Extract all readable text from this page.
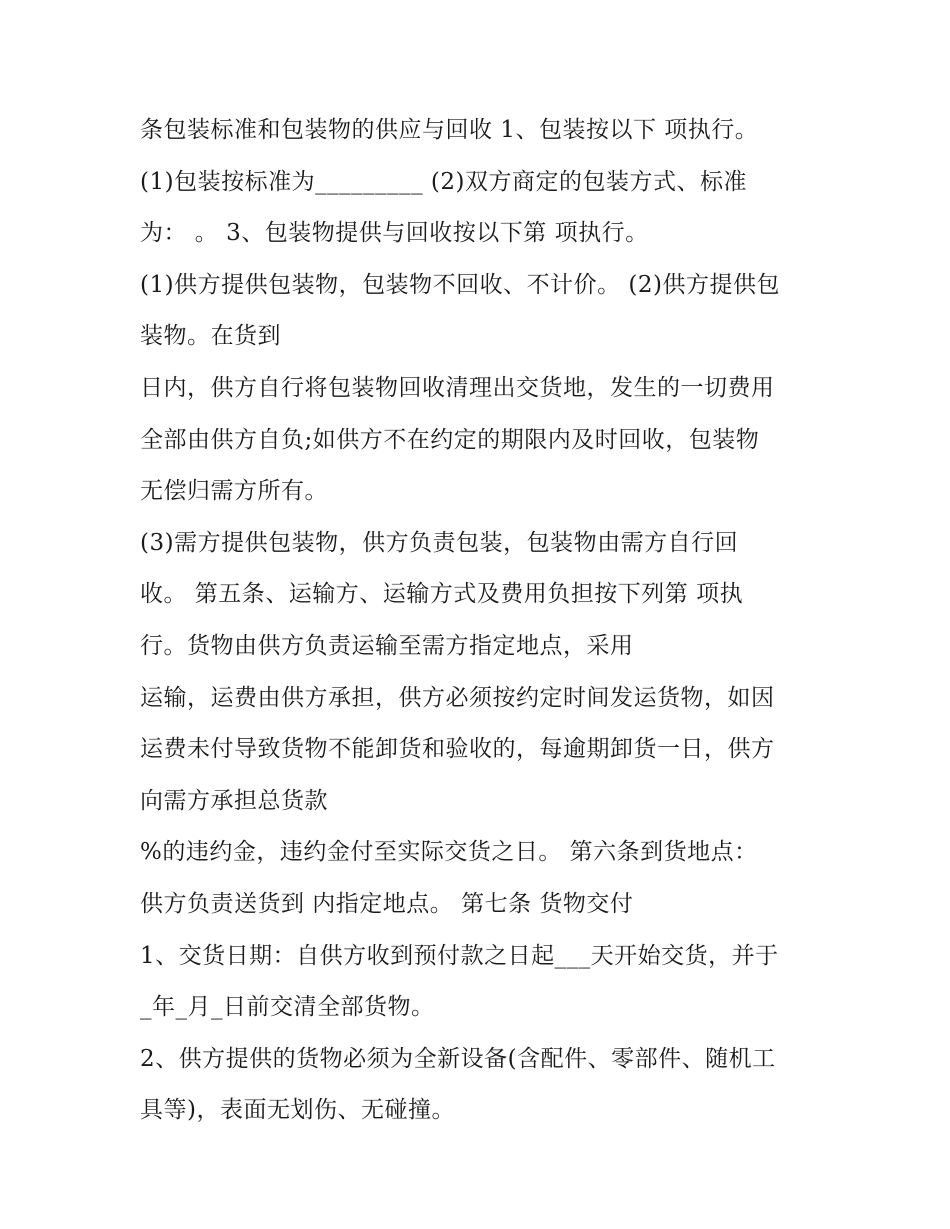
条包装标准和包装物的供应与回收 1、包装按以下 项执行。
(1)包装按标准为_________ (2)双方商定的包装方式、标准
为： 。 3、包装物提供与回收按以下第 项执行。
(1)供方提供包装物，包装物不回收、不计价。 (2)供方提供包
装物。在货到
日内，供方自行将包装物回收清理出交货地，发生的一切费用
全部由供方自负;如供方不在约定的期限内及时回收，包装物
无偿归需方所有。
(3)需方提供包装物，供方负责包装，包装物由需方自行回
收。 第五条、运输方、运输方式及费用负担按下列第 项执
行。货物由供方负责运输至需方指定地点，采用
运输，运费由供方承担，供方必须按约定时间发运货物，如因
运费未付导致货物不能卸货和验收的，每逾期卸货一日，供方
向需方承担总货款
%的违约金，违约金付至实际交货之日。 第六条到货地点：
供方负责送货到 内指定地点。 第七条 货物交付
1、交货日期：自供方收到预付款之日起___天开始交货，并于
_年_月_日前交清全部货物。
2、供方提供的货物必须为全新设备(含配件、零部件、随机工
具等)，表面无划伤、无碰撞。
